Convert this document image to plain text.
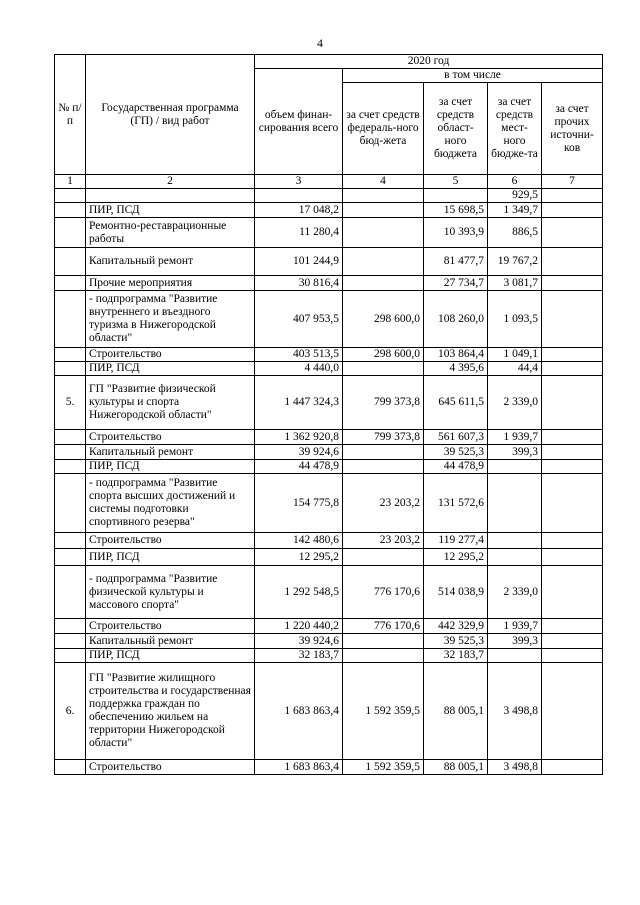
4
№ п/п	Государственная программа (ГП) / вид работ	2020 год				
		объем финан-сирования всего	в том числе			
			за счет средств федераль-ного бюд-жета	за счет средств област-ного бюджета	за счет средств мест-ного бюдже-та	за счет прочих источни-ков
1	2	3	4	5	6	7
					929,5	
	ПИР, ПСД	17 048,2		15 698,5	1 349,7	
	Ремонтно-реставрационные работы	11 280,4		10 393,9	886,5	
	Капитальный ремонт	101 244,9		81 477,7	19 767,2	
	Прочие мероприятия	30 816,4		27 734,7	3 081,7	
	- подпрограмма "Развитие внутреннего и въездного туризма в Нижегородской области"	407 953,5	298 600,0	108 260,0	1 093,5	
	Строительство	403 513,5	298 600,0	103 864,4	1 049,1	
	ПИР, ПСД	4 440,0		4 395,6	44,4	
5.	ГП "Развитие физической культуры и спорта Нижегородской области"	1 447 324,3	799 373,8	645 611,5	2 339,0	
	Строительство	1 362 920,8	799 373,8	561 607,3	1 939,7	
	Капитальный ремонт	39 924,6		39 525,3	399,3	
	ПИР, ПСД	44 478,9		44 478,9		
	- подпрограмма "Развитие спорта высших достижений и системы подготовки спортивного резерва"	154 775,8	23 203,2	131 572,6		
	Строительство	142 480,6	23 203,2	119 277,4		
	ПИР, ПСД	12 295,2		12 295,2		
	- подпрограмма "Развитие физической культуры и массового спорта"	1 292 548,5	776 170,6	514 038,9	2 339,0	
	Строительство	1 220 440,2	776 170,6	442 329,9	1 939,7	
	Капитальный ремонт	39 924,6		39 525,3	399,3	
	ПИР, ПСД	32 183,7		32 183,7		
6.	ГП "Развитие жилищного строительства и государственная поддержка граждан по обеспечению жильем на территории Нижегородской области"	1 683 863,4	1 592 359,5	88 005,1	3 498,8	
	Строительство	1 683 863,4	1 592 359,5	88 005,1	3 498,8	
